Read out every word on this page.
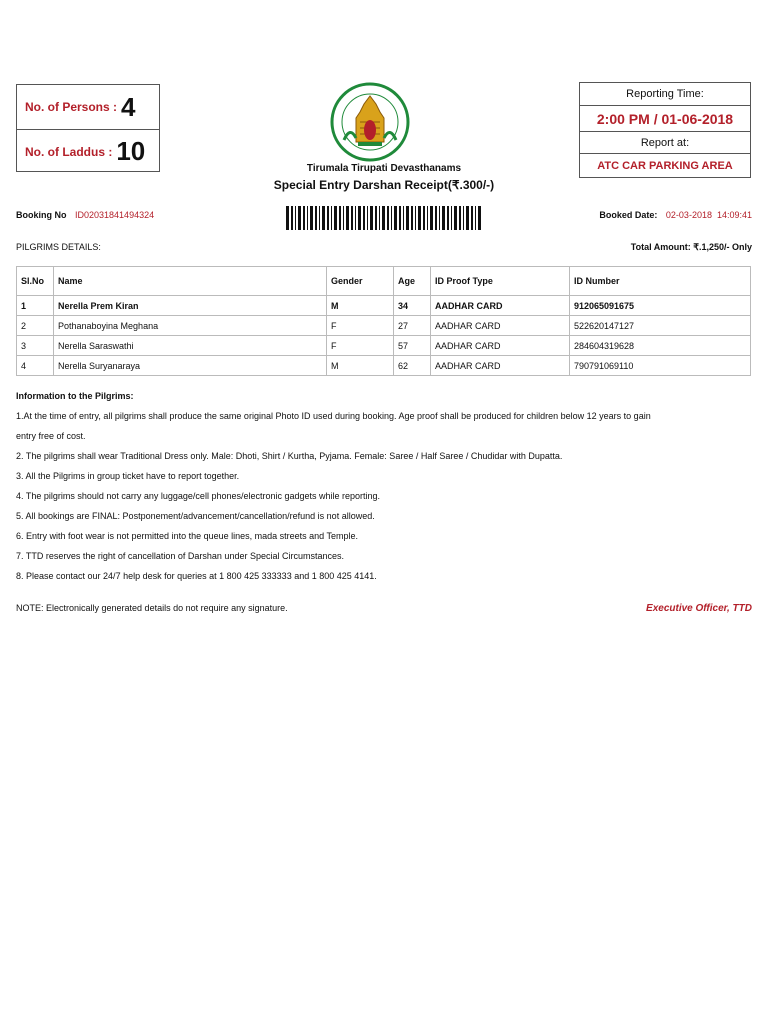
No. of Persons : 4
No. of Laddus : 10
Tirumala Tirupati Devasthanams
Special Entry Darshan Receipt(₹.300/-)
Reporting Time:
2:00 PM / 01-06-2018
Report at:
ATC CAR PARKING AREA
Booking No ID02031841494324	Booked Date: 02-03-2018  14:09:41
PILGRIMS DETAILS:	Total Amount: ₹.1,250/- Only
Sl.No	Name	Gender	Age	ID Proof Type	ID Number
1	Nerella Prem Kiran	M	34	AADHAR CARD	912065091675
2	Pothanaboyina Meghana	F	27	AADHAR CARD	522620147127
3	Nerella Saraswathi	F	57	AADHAR CARD	284604319628
4	Nerella Suryanaraya	M	62	AADHAR CARD	790791069110
Information to the Pilgrims:
1.At the time of entry, all pilgrims shall produce the same original Photo ID used during booking. Age proof shall be produced for children below 12 years to gain
entry free of cost.
2. The pilgrims shall wear Traditional Dress only. Male: Dhoti, Shirt / Kurtha, Pyjama. Female: Saree / Half Saree / Chudidar with Dupatta.
3. All the Pilgrims in group ticket have to report together.
4. The pilgrims should not carry any luggage/cell phones/electronic gadgets while reporting.
5. All bookings are FINAL: Postponement/advancement/cancellation/refund is not allowed.
6. Entry with foot wear is not permitted into the queue lines, mada streets and Temple.
7. TTD reserves the right of cancellation of Darshan under Special Circumstances.
8. Please contact our 24/7 help desk for queries at 1 800 425 333333 and 1 800 425 4141.
NOTE: Electronically generated details do not require any signature.	Executive Officer, TTD
